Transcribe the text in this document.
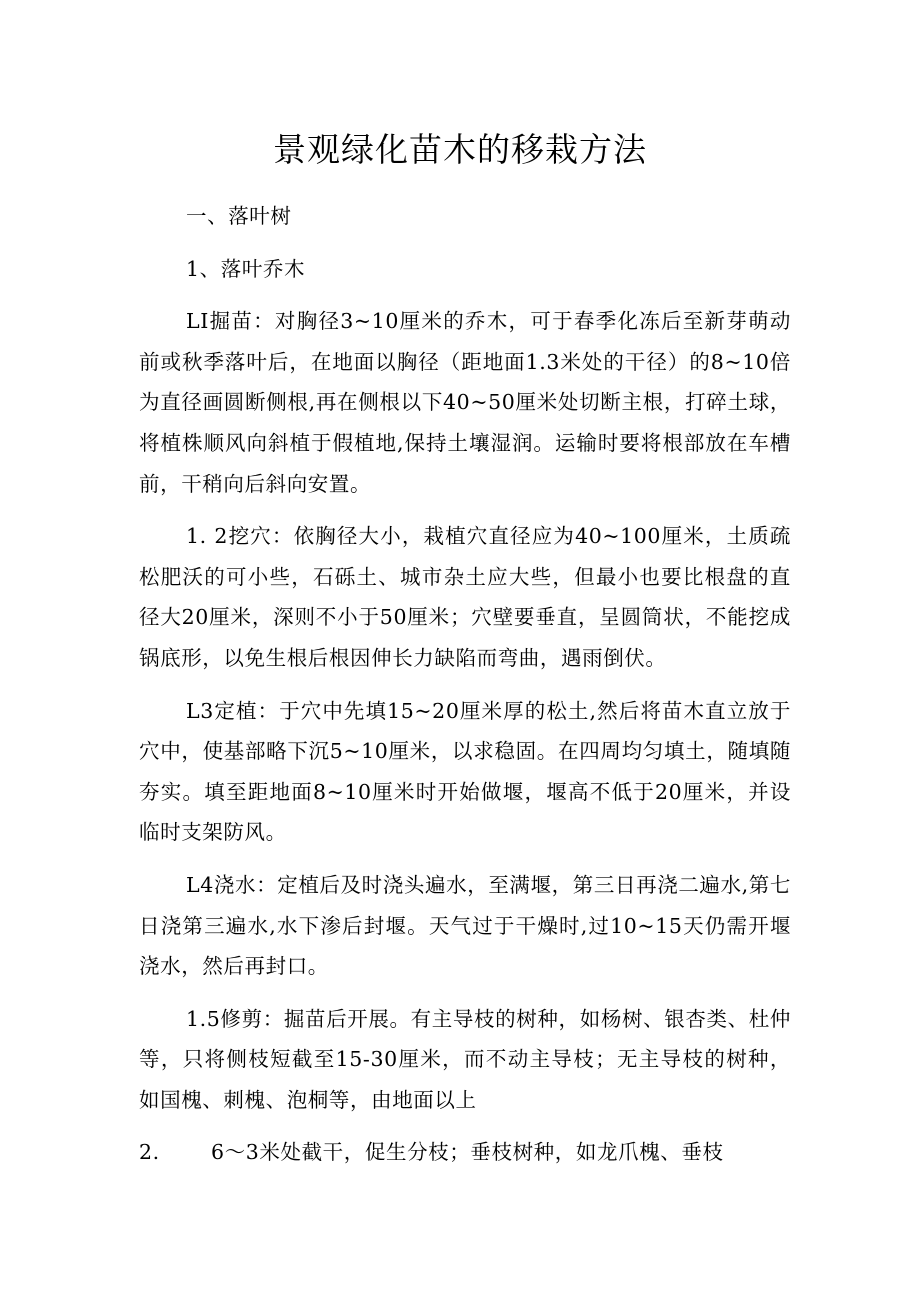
景观绿化苗木的移栽方法

一、落叶树

1、落叶乔木

LI掘苗：对胸径3~10厘米的乔木，可于春季化冻后至新芽萌动前或秋季落叶后，在地面以胸径（距地面1.3米处的干径）的8~10倍为直径画圆断侧根,再在侧根以下40~50厘米处切断主根，打碎土球，将植株顺风向斜植于假植地,保持土壤湿润。运输时要将根部放在车槽前，干稍向后斜向安置。

1. 2挖穴：依胸径大小，栽植穴直径应为40~100厘米，土质疏松肥沃的可小些，石砾土、城市杂土应大些，但最小也要比根盘的直径大20厘米，深则不小于50厘米；穴壁要垂直，呈圆筒状，不能挖成锅底形，以免生根后根因伸长力缺陷而弯曲，遇雨倒伏。

L3定植：于穴中先填15~20厘米厚的松土,然后将苗木直立放于穴中，使基部略下沉5~10厘米，以求稳固。在四周均匀填土，随填随夯实。填至距地面8~10厘米时开始做堰，堰高不低于20厘米，并设临时支架防风。

L4浇水：定植后及时浇头遍水，至满堰，第三日再浇二遍水,第七日浇第三遍水,水下渗后封堰。天气过于干燥时,过10~15天仍需开堰浇水，然后再封口。

1.5修剪：掘苗后开展。有主导枝的树种，如杨树、银杏类、杜仲等，只将侧枝短截至15-30厘米，而不动主导枝；无主导枝的树种，如国槐、刺槐、泡桐等，由地面以上

2.	6～3米处截干，促生分枝；垂枝树种，如龙爪槐、垂枝
